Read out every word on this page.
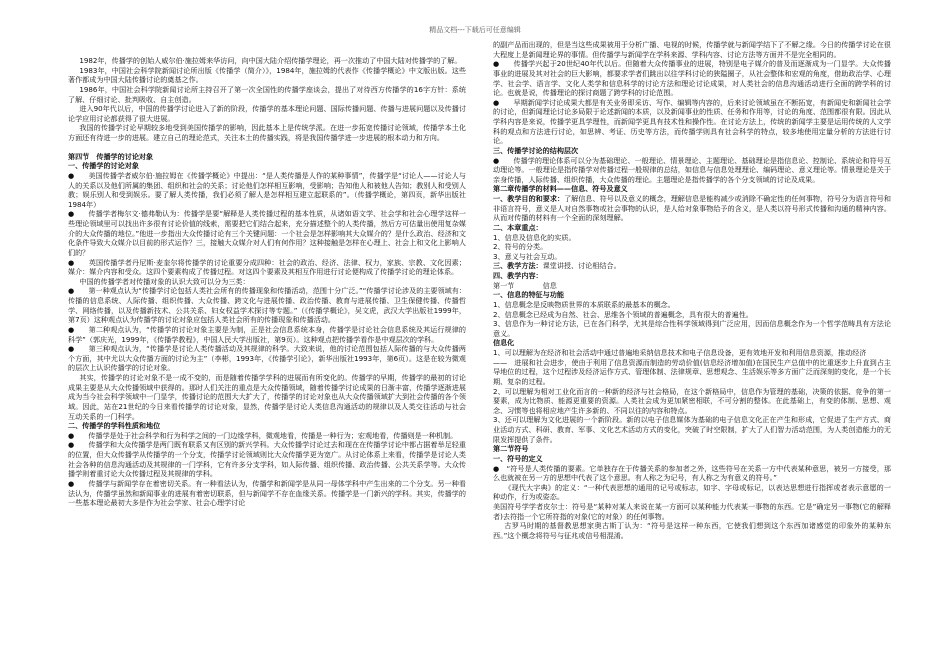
精品文档---下载后可任意编辑

1982年，传播学的创始人威尔伯·施拉姆来华访问，向中国大陆介绍传播学理论，再一次推动了中国大陆对传播学的了解。

1983年，中国社会科学院新闻讨论所出版《传播学（简介）》，1984年，施拉姆的代表作《传播学概论》中文版出版。这些著作都成为中国大陆传播讨论的奠基之作。

1986年，中国社会科学院新闻讨论所主持召开了第一次全国性的传播学座谈会，提出了对待西方传播学的16字方针：系统了解、仔细讨论、批判吸收、自主创造。

进入90年代以后，中国的传播学讨论进入了新的阶段，传播学的基本理论问题、国际传播问题、传播与进展问题以及传播讨论学应用讨论都获得了很大进展。

我国的传播学讨论早期较多地受到美国传播学的影响，因此基本上是传统学派。在进一步拓宽传播讨论领域，传播学本土化方面还有待进一步的进展。建立自己的理论范式，关注本土的传播实践，将是我国传播学进一步进展的根本动力和方向。

第四节　传播学的讨论对象

一、传播学的讨论对象

●　　美国传播学者威尔伯·施拉姆在《传播学概论》中提出：“是人类传播是人作的某种事情”，传播学是“讨论人——讨论人与人的关系以及他们所属的集团、组织和社会的关系；讨论他们怎样相互影响，受影响；告知他人和被他人告知；教别人和受别人教；娱乐别人和受到娱乐。要了解人类传播，我们必须了解人是怎样相互建立起联系的”。（传播学概论，第四页，新华出版社1984年）

●　　传播学者梅尔文·德弗勒认为：传播学是要“解释是人类传播过程的基本性质，从诸如语文学、社会学和社会心理学这样一些理论领域里可以找出许多很有讨论价值的线索，需要把它们结合起来，充分描述整个的人类传播，然后方可估量出使用复杂媒介的大众传播的地位。”他进一步指出大众传播讨论有三个关键问题：一个社会是怎样影响其大众媒介的？是什么政治、经济和文化条件导致大众媒介以目前的形式运作？三，接触大众媒介对人们有何作用？这种接触是怎样在心理上、社会上和文化上影响人们的？

●　　英国传播学者丹尼斯·麦奎尔将传播学的讨论重要分成四种：社会的政治、经济、法律、权力，家族、宗教、文化因素；媒介：媒介内容和受众。这四个要素构成了传播过程。对这四个要素及其相互作用进行讨论便构成了传播学讨论的理论体系。

中国的传播学者对传播对象的认识大致可以分为三类：

●　　第一种观点认为“传播学讨论包括人类社会所有的传播现象和传播活动，范围十分广泛。”“传播学讨论涉及的主要领域有：传播的信息系统、人际传播、组织传播、大众传播、跨文化与进展传播、政治传播、教育与进展传播、卫生保健传播、传播哲学、网络传播，以及传播新技术、公共关系、妇女权益学术探讨等专题。”（《传播学概论》，吴文虎，武汉大学出版社1999年，第7页）这种观点认为传播学的讨论对象应包括人类社会所有的传播现象和传播活动。

●　　第二种观点认为，“传播学的讨论对象主要是为制，正是社会信息系统本身，传播学是讨论社会信息系统及其运行规律的科学”（郭庆光，1999年，《传播学教程》，中国人民大学出版社，第9页）。这种观点把传播学看作是中观层次的学科。

●　　第三种观点认为，“传播学是讨论人类传播活动及其规律的科学。大致来说，他的讨论范围包括人际传播的与大众传播两个方面，其中尤以大众传播方面的讨论为主”（李彬，1993年，《传播学引论》，新华出版社1993年，第6页）。这是在较为微观的层次上认识传播学的讨论对象。

其实，传播学的讨论对象不是一成不变的，而是随着传播学学科的进展而有所变化的。传播学的早期，传播学的最初的讨论成果主要是从大众传播领域中获得的。那时人们关注的重点是大众传播领域，随着传播学讨论成果的日渐丰富，传播学逐渐进展成为当今社会科学领域中一门显学，传播讨论的范围大大扩大了，传播学的讨论对象也从大众传播领域扩大到社会传播的各个领域。因此，站在21世纪的今日来看传播学的讨论对象，显然，传播学是讨论人类信息沟通活动的规律以及人类交往活动与社会互动关系的一门科学。

二、传播学的学科性质和地位

●　　传播学是处于社会科学和行为科学之间的一门边缘学科，微观地看，传播是一种行为；宏观地看，传播则是一种机制。

●　　传播学和大众传播学是两门既有联系又有区别的新兴学科。大众传播学讨论过去和现在在传播学讨论中都占据着举足轻重的位置，但大众传播学从传播学的一个分支，传播学讨论领域则比大众传播学更为宽广。从讨论体系上来看，传播学是讨论人类社会各种的信息沟通活动及其规律的一门学科，它有许多分支学科，如人际传播、组织传播、政治传播、公共关系学等。大众传播学则着重讨论大众传播过程及其规律的学科。

●　　传播学与新闻学存在着密切关系。有一种看法认为，传播学和新闻学是从同一母体学科中产生出来的二个分支。另一种看法认为，传播学虽然和新闻事业的进展有着密切联系，但与新闻学不存在血缘关系。传播学是一门新兴的学科。其实，传播学的一些基本理论最初大多是作为社会学家、社会心理学讨论

的副产品而出现的，但是当这些成果被用于分析广播、电视的时候，传播学就与新闻学结下了不解之缘。今日的传播学讨论在很大程度上是新闻理论界的事情。但传播学与新闻学在学科来源、学科内容、讨论方法等方面并不是完全相同的。

●　　传播学兴起于20世纪40年代以后。但随着大众传播事业的进展，特别是电子媒介的普及而逐渐成为一门显学。大众传播事业的进展及其对社会的巨大影响，都要求学者们跳出以往学科讨论的狭隘圈子，从社会整体和宏观的角度，借助政治学、心理学、社会学、语言学、文化人类学和信息科学的讨论方法和理论讨论成果，对人类社会的信息沟通活动进行全面的跨学科的讨论。也就是说，传播理论的探讨商题了跨学科的讨论范围。

●　　早期新闻学讨论成果大都是有关业务即采访、写作、编辑等内容的，后来讨论领域虽在不断拓宽，有新闻史和新闻社会学的讨论，但新闻理论讨论多局限于论述新闻的本质，以及新闻事业的性质、任务和作用等，讨论的角度、范围都很有限。因此从学科内容是来说，传播学更具学理性，而新闻学更具有技术性和操作性。在讨论方法上，传统的新闻学主要是运用传统的人文学科的观点和方法进行讨论，如思辨、考证、历史等方法，而传播学则具有社会科学的特点，较多地使用定量分析的方法进行讨论。

三、传播学讨论的结构层次

●　　传播学的理论体系可以分为基础理论、一般理论、情景理论、主题理论、基础理论是指信息论、控制论、系统论和符号互动理论等。一般理论是指传播学对传播过程一般规律的总结，如信息与信息处理理论、编码理论、意义理论等。情景理论是关于亲身传播，人际传播、组织传播，大众传播的理论。主题理论是指传播学的各个分支领域的讨论及成果。

第二章传播学的材料——信息、符号及意义

一、教学目的和要求：了解信息、符号以及意义的概念，理解信息是能构减少或消除不确定性的任何事物，符号分为语言符号和非语言符号，意义是人对自然事物或社会事物的认识，是人给对象事物给予的含义，是人类以符号形式传播和沟通的精神内容。从而对传播的材料有一个全面的深刻理解。

二、本章重点：

1、信息及信息化的实质。

2、符号的分类。

3、意义与社会互动。

三、教学方法：课堂讲授、讨论相结合。

四、教学内容：

第一节　　　　信息

一、信息的特征与功能

1、信息概念是反映物质世界的本质联系的最基本的概念。

2、信息概念已经成为自然、社会、思维各个领域的普遍概念，具有很大的普遍性。

3、信息作为一种讨论方法，已在各门科学，尤其是综合性科学领域得到广泛应用，因而信息概念作为一个哲学范畴具有方法论意义。

信息化

1、可以理解为在经济和社会活动中通过普遍地采纳信息技术和电子信息设备，更有效地开发和利用信息资源，推动经济

——　进展和社会进步，使由于利用了信息资源而制造的劳动价值(信息经济增加值)在国民生产总值中的比重逐步上升直到占主导地位的过程，这个过程涉及经济运作方式、管理体制、法律规章、思想观念、生活娱乐等多方面广泛而深刻的变化，是一个长期、复杂的过程。

2、可以理解为相对工业化而言的一种新的经济与社会格局，在这个新格局中，信息作为管理的基础，决策的依据、竞争的第一要素，成为比物质、能源更重要的资源。人类社会成为更加紧密相联，不可分割的整体。在此基础上，有变的体制、思想、观念、习惯等也将相应地产生许多新的、不同以往的内容和特点。

3、还可以理解为文化进展的一个新阶段。新的以电子信息媒体为基础的电子信息文化正在产生和形成，它促进了生产方式、商业活动方式、科研、教育、军事、文化艺术活动方式的变化，突破了时空限制，扩大了人们智力活动范围，为人类创造能力的无限发挥提供了条件。

第二节符号

一、符号的定义

●　“符号是人类传播的要素。它单独存在于传播关系的参加者之外，这些符号在关系一方中代表某种意思，被另一方接受，那么也就被在另一方的思想中代表了这个意思。有人称之为记号，有人称之为有意义的符号。”

《现代大字典》的定义：“一种代表思想的通用的记号或标志，如字、字母或标记，以表达思想进行指挥或者表示意愿的一种动作，行为或姿态。

美国符号学学者皮尔士：符号是“某种对某人来说在某一方面可以某种能力代表某一事物的东西。它是”确定另一事物(它的解释者)去符指一个它所符指的对象(它的对象）的任何事物。

古罗马时期的基督教思想家奥古斯丁认为：“符号是这样一种东西，它使我们想到这个东西加诸感觉的印象外的某种东西。”这个概念将符号与征兆或信号相混淆。
